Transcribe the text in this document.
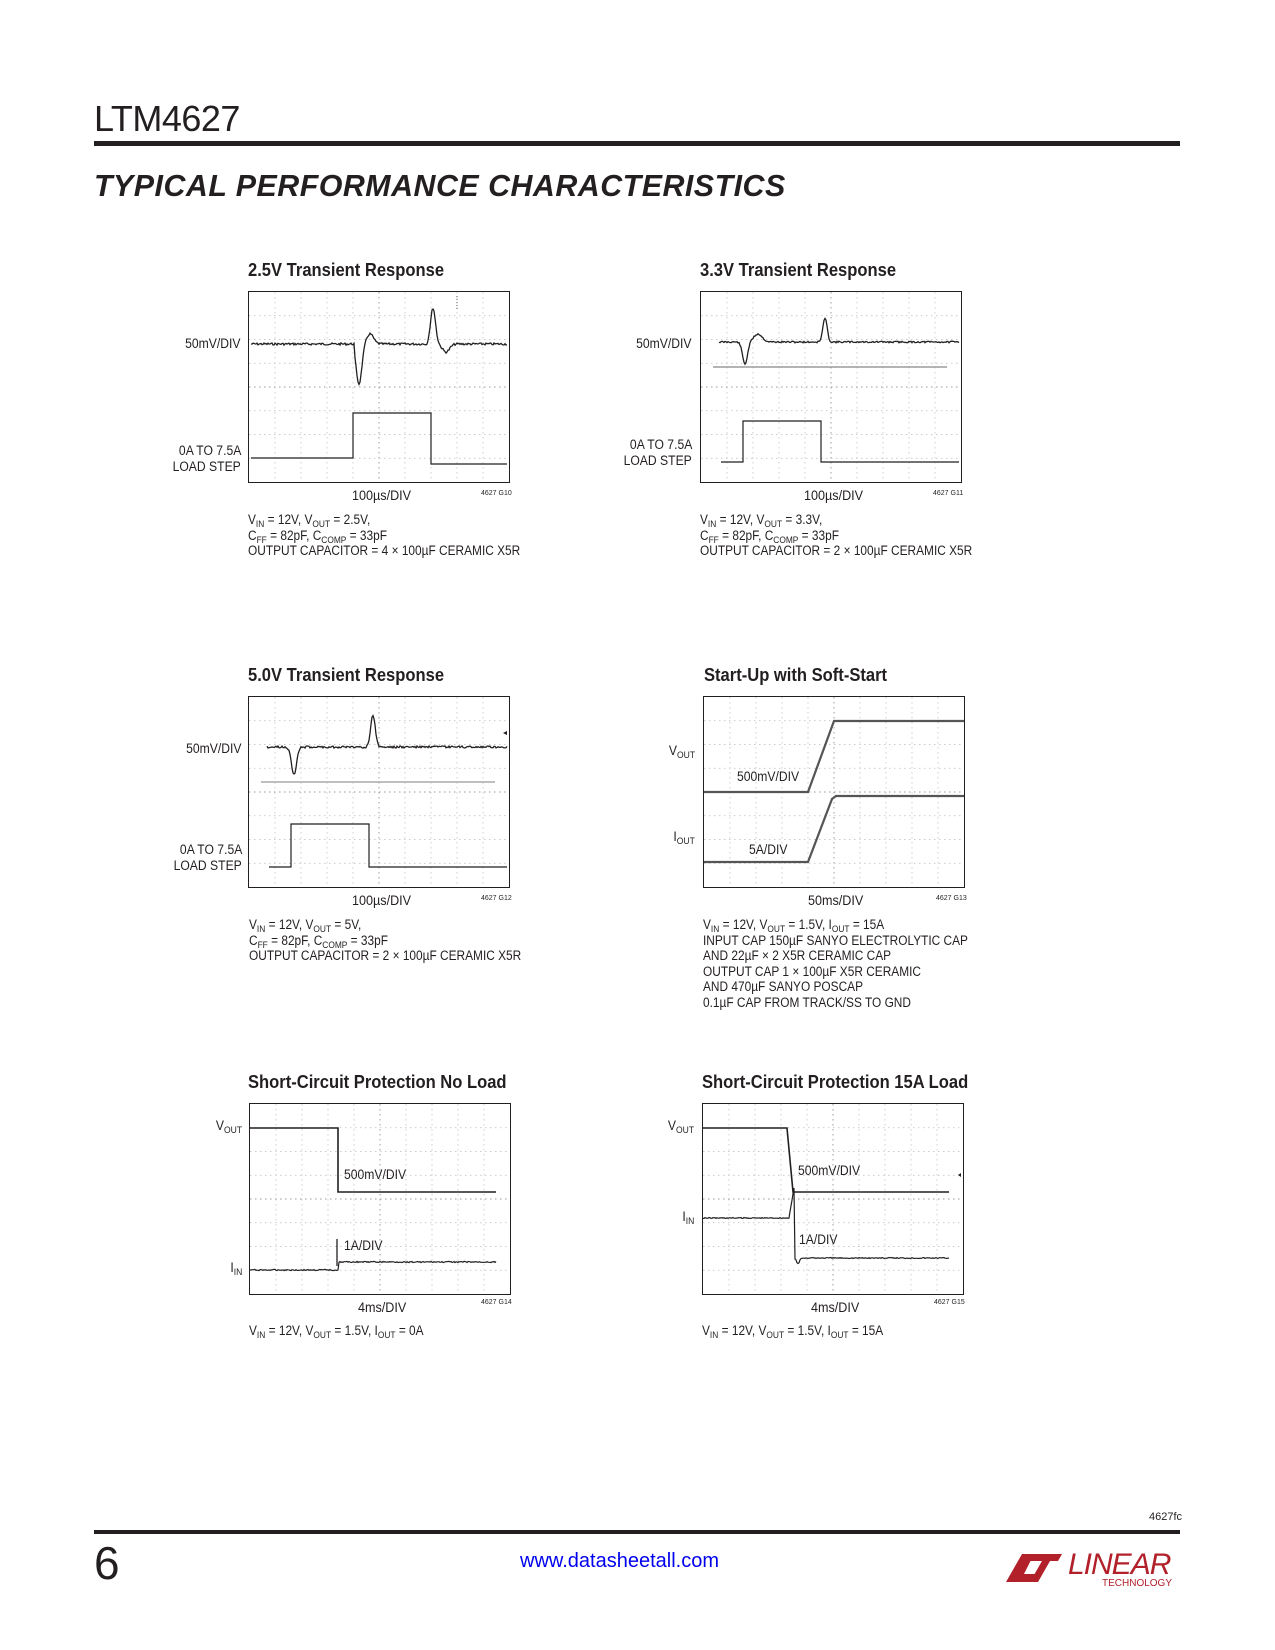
LTM4627
TYPICAL PERFORMANCE CHARACTERISTICS
2.5V Transient Response
50mV/DIV
0A TO 7.5A
LOAD STEP
100µs/DIV	4627 G10
$V_{IN} = 12V$, $V_{OUT} = 2.5V$,
$C_{FF} = 82pF$, $C_{COMP} = 33pF$
OUTPUT CAPACITOR = 4 × 100µF CERAMIC X5R
3.3V Transient Response
50mV/DIV
0A TO 7.5A
LOAD STEP
100µs/DIV	4627 G11
$V_{IN} = 12V$, $V_{OUT} = 3.3V$,
$C_{FF} = 82pF$, $C_{COMP} = 33pF$
OUTPUT CAPACITOR = 2 × 100µF CERAMIC X5R
5.0V Transient Response
50mV/DIV
0A TO 7.5A
LOAD STEP
100µs/DIV	4627 G12
$V_{IN} = 12V$, $V_{OUT} = 5V$,
$C_{FF} = 82pF$, $C_{COMP} = 33pF$
OUTPUT CAPACITOR = 2 × 100µF CERAMIC X5R
Start-Up with Soft-Start
$V_{OUT}$
$I_{OUT}$
500mV/DIV
5A/DIV
50ms/DIV	4627 G13
$V_{IN} = 12V$, $V_{OUT} = 1.5V$, $I_{OUT} = 15A$
INPUT CAP 150µF SANYO ELECTROLYTIC CAP
AND 22µF × 2 X5R CERAMIC CAP
OUTPUT CAP 1 × 100µF X5R CERAMIC
AND 470µF SANYO POSCAP
0.1µF CAP FROM TRACK/SS TO GND
Short-Circuit Protection No Load
$V_{OUT}$
$I_{IN}$
500mV/DIV
1A/DIV
4ms/DIV	4627 G14
$V_{IN} = 12V$, $V_{OUT} = 1.5V$, $I_{OUT} = 0A$
Short-Circuit Protection 15A Load
$V_{OUT}$
$I_{IN}$
500mV/DIV
1A/DIV
4ms/DIV	4627 G15
$V_{IN} = 12V$, $V_{OUT} = 1.5V$, $I_{OUT} = 15A$
4627fc
6	www.datasheetall.com	LINEAR
TECHNOLOGY
